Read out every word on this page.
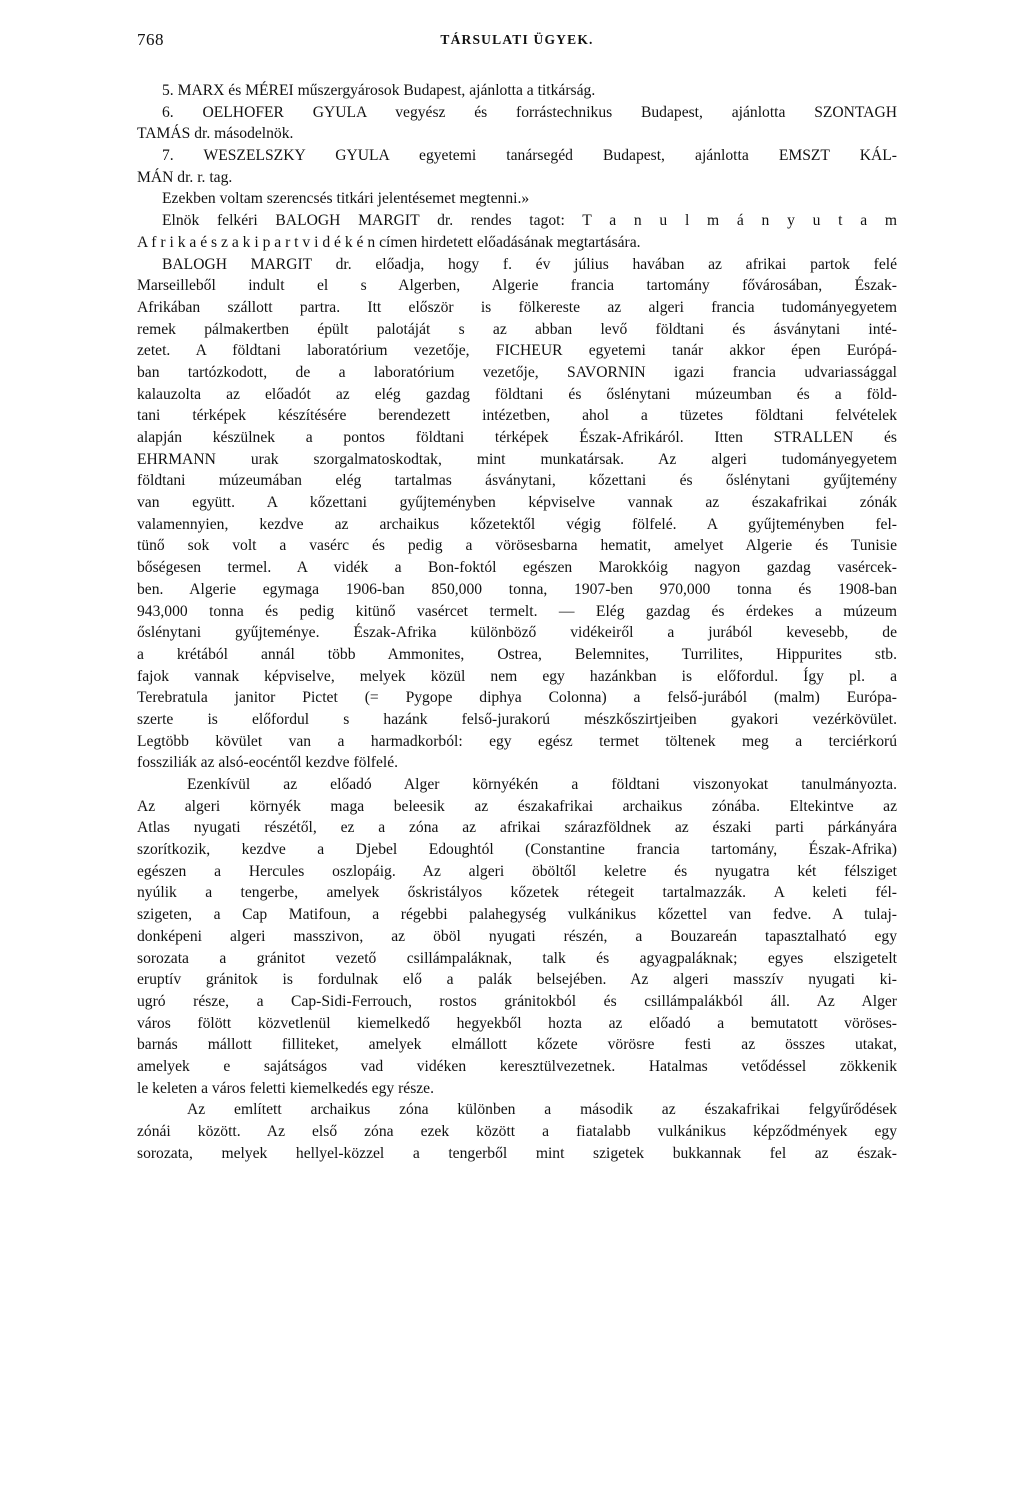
768	TÁRSULATI ÜGYEK.
5. MARX és MÉREI műszergyárosok Budapest, ajánlotta a titkárság.
6. OELHOFER GYULA vegyész és forrástechnikus Budapest, ajánlotta SZONTAGH
TAMÁS dr. másodelnök.
7. WESZELSZKY GYULA egyetemi tanársegéd Budapest, ajánlotta EMSZT KÁL-
MÁN dr. r. tag.
Ezekben voltam szerencsés titkári jelentésemet megtenni.»
Elnök felkéri BALOGH MARGIT dr. rendes tagot: T a n u l m á n y u t a m
A f r i k a é s z a k i p a r t v i d é k é n címen hirdetett előadásának megtartására.
BALOGH MARGIT dr. előadja, hogy f. év július havában az afrikai partok felé
Marseilleből indult el s Algerben, Algerie francia tartomány fővárosában, Észak-
Afrikában szállott partra. Itt először is fölkereste az algeri francia tudományegyetem
remek pálmakertben épült palotáját s az abban levő földtani és ásványtani inté-
zetet. A földtani laboratórium vezetője, FICHEUR egyetemi tanár akkor épen Európá-
ban tartózkodott, de a laboratórium vezetője, SAVORNIN igazi francia udvariassággal
kalauzolta az előadót az elég gazdag földtani és őslénytani múzeumban és a föld-
tani térképek készítésére berendezett intézetben, ahol a tüzetes földtani felvételek
alapján készülnek a pontos földtani térképek Észak-Afrikáról. Itten STRALLEN és
EHRMANN urak szorgalmatoskodtak, mint munkatársak. Az algeri tudományegyetem
földtani múzeumában elég tartalmas ásványtani, kőzettani és őslénytani gyűjtemény
van együtt. A kőzettani gyűjteményben képviselve vannak az északafrikai zónák
valamennyien, kezdve az archaikus kőzetektől végig fölfelé. A gyűjteményben fel-
tünő sok volt a vasérc és pedig a vörösesbarna hematit, amelyet Algerie és Tunisie
bőségesen termel. A vidék a Bon-foktól egészen Marokkóig nagyon gazdag vasércek-
ben. Algerie egymaga 1906-ban 850,000 tonna, 1907-ben 970,000 tonna és 1908-ban
943,000 tonna és pedig kitünő vasércet termelt. — Elég gazdag és érdekes a múzeum
őslénytani gyűjteménye. Észak-Afrika különböző vidékeiről a jurából kevesebb, de
a krétából annál több Ammonites, Ostrea, Belemnites, Turrilites, Hippurites stb.
fajok vannak képviselve, melyek közül nem egy hazánkban is előfordul. Így pl. a
Terebratula janitor Pictet (= Pygope diphya Colonna) a felső-jurából (malm) Európa-
szerte is előfordul s hazánk felső-jurakorú mészkőszirtjeiben gyakori vezérkövület.
Legtöbb kövület van a harmadkorból: egy egész termet töltenek meg a terciérkorú
fossziliák az alsó-eocéntől kezdve fölfelé.
Ezenkívül az előadó Alger környékén a földtani viszonyokat tanulmányozta.
Az algeri környék maga beleesik az északafrikai archaikus zónába. Eltekintve az
Atlas nyugati részétől, ez a zóna az afrikai szárazföldnek az északi parti párkányára
szorítkozik, kezdve a Djebel Edoughtól (Constantine francia tartomány, Észak-Afrika)
egészen a Hercules oszlopáig. Az algeri öböltől keletre és nyugatra két félsziget
nyúlik a tengerbe, amelyek őskristályos kőzetek rétegeit tartalmazzák. A keleti fél-
szigeten, a Cap Matifoun, a régebbi palahegység vulkánikus kőzettel van fedve. A tulaj-
donképeni algeri masszivon, az öböl nyugati részén, a Bouzareán tapasztalható egy
sorozata a gránitot vezető csillámpaláknak, talk és agyagpaláknak; egyes elszigetelt
eruptív gránitok is fordulnak elő a palák belsejében. Az algeri masszív nyugati ki-
ugró része, a Cap-Sidi-Ferrouch, rostos gránitokból és csillámpalákból áll. Az Alger
város fölött közvetlenül kiemelkedő hegyekből hozta az előadó a bemutatott vöröses-
barnás mállott filliteket, amelyek elmállott kőzete vörösre festi az összes utakat,
amelyek e sajátságos vad vidéken keresztülvezetnek. Hatalmas vetődéssel zökkenik
le keleten a város feletti kiemelkedés egy része.
Az említett archaikus zóna különben a második az északafrikai felgyűrődések
zónái között. Az első zóna ezek között a fiatalabb vulkánikus képződmények egy
sorozata, melyek hellyel-közzel a tengerből mint szigetek bukkannak fel az észak-
